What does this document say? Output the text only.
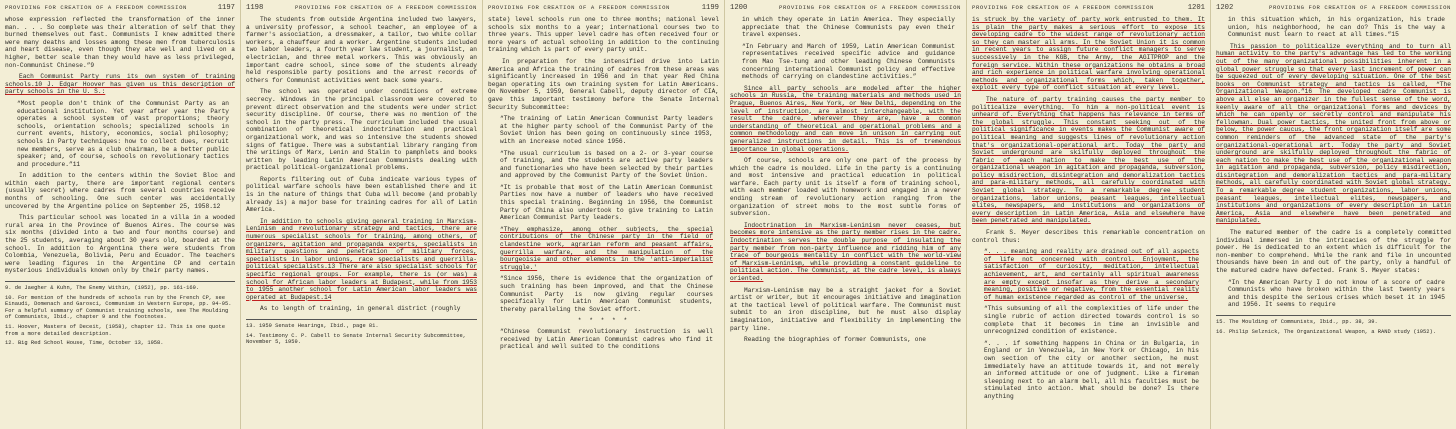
PROVIDING FOR CREATION OF A FREEDOM COMMISSION	1197

whose expression reflected the transformation of the inner man. . . . So complete was their alteration of self that they burned themselves out fast. Communists I knew admitted there were many deaths and losses among these men from tuberculosis and heart disease, even though they ate well and lived on a higher, better scale than they would have as less privileged, non-Communist Chinese.”9

Each Communist Party runs its own system of training schools.10 J. Edgar Hoover has given us this description of party schools in the U. S.:

“Most people don't think of the Communist Party as an educational institution. Yet year after year the Party operates a school system of vast proportions; theory schools, orientation schools; specialized schools in current events, history, economics, social philosophy; schools in Party techniques: how to collect dues, recruit new members, serve as a club chairman, be a better public speaker; and, of course, schools on revolutionary tactics and procedure.”11

In addition to the centers within the Soviet Bloc and within each party, there are important regional centers (usually secret) where cadres from several countries receive months of schooling. One such center was accidentally uncovered by the Argentine police on September 25, 1958.12

This particular school was located in a villa in a wooded rural area in the Province of Buenos Aires. The course was six months (divided into a two and four months course) and the 25 students, averaging about 30 years old, boarded at the school. In addition to Argentina there were students from Colombia, Venezuela, Bolivia, Peru and Ecuador. The teachers were leading figures in the Argentine CP and certain mysterious individuals known only by their party names.

9. de Jaegher & Kuhn, The Enemy Within, (1952), pp. 161-169.
10. For mention of the hundreds of schools run by the French CP, see Einaudi, Domenach and Garosci, Communism in Western Europe, pp. 94-95. For a helpful summary of Communist training schools, see The Moulding of Communists, Ibid., chapter 9 and the footnotes.
11. Hoover, Masters of Deceit, (1958), chapter 12. This is one quote from a more detailed description.
12. Big Red School House, Time, October 13, 1958.
1198	PROVIDING FOR CREATION OF A FREEDOM COMMISSION

The students from outside Argentina included two lawyers, a university professor, a school teacher, an employee of a farmer's association, a dressmaker, a tailor, two white collar workers, a chauffeur and a worker. Argentine students included two labor leaders, a fourth year law student, a journalist, an electrician, and three metal workers. This was obviously an important cadre school, since some of the students already held responsible party positions and the arrest records of others for Communist activities went back some years.

The school was operated under conditions of extreme secrecy. Windows in the principal classroom were covered to prevent direct observation and the students were under strict security discipline. Of course, there was no mention of the school in the party press. The curriculum included the usual combination of theoretical indoctrination and practical organizational work, and was so intensive the students showed signs of fatigue. There was a substantial library ranging from the writings of Marx, Lenin and Stalin to pamphlets and books written by leading Latin American Communists dealing with practical political-organizational problems.

Reports filtering out of Cuba indicate various types of political warfare schools have been established there and it is in the nature of things that Cuba will become (and probably already is) a major base for training cadres for all of Latin America.

In addition to schools giving general training in Marxism-Leninism and revolutionary strategy and tactics, there are numerous specialist schools for training, among others, of organizers, agitation and propaganda experts, specialists in military questions and penetration of military forces, specialists in labor unions, race specialists and guerrilla-political specialists.13 There are also specialist schools for specific regional groups. For example, there is (or was) a school for African labor leaders at Budapest, while from 1953 to 1955 another school for Latin American labor leaders was operated at Budapest.14

As to length of training, in general district (roughly

13. 1959 Senate Hearings, Ibid., page 81.
14. Testimony C. P. Cabell to Senate Internal Security Subcommittee, November 5, 1959.
PROVIDING FOR CREATION OF A FREEDOM COMMISSION	1199

state) level schools run one to three months; national level schools six months to a year; international courses two to three years. This upper level cadre has often received four or more years of actual schooling in addition to the continuing training which is part of every party unit.

In preparation for the intensified drive into Latin America and Africa the training of cadres from these areas was significantly increased in 1956 and in that year Red China began operating its own training system for Latin Americans. On November 5, 1959, General Cabell, deputy director of CIA, gave this important testimony before the Senate Internal Security Subcommittee:

“The training of Latin American Communist Party leaders at the higher party school of the Communist Party of the Soviet Union has been going on continuously since 1953, with an increase noted since 1956.

“The usual curriculum is based on a 2- or 3-year course of training, and the students are active party leaders and functionaries who have been selected by their parties and approved by the Communist Party of the Soviet Union.

“It is probable that most of the Latin American Communist Parties now have a number of leaders who have received this special training. Beginning in 1956, the Communist Party of China also undertook to give training to Latin American Communist Party leaders.

“They emphasize, among other subjects, the special contributions of the Chinese party in the field of clandestine work, agrarian reform and peasant affairs, guerrilla warfare, and the manipulation of the bourgeoisie and other elements in the 'anti-imperialist struggle.'

“Since 1956, there is evidence that the organization of such training has been improved, and that the Chinese Communist Party is now giving regular courses specifically for Latin American Communist students, thereby paralleling the Soviet effort.

* * * * *

“Chinese Communist revolutionary instruction is well received by Latin American Communist cadres who find it practical and well suited to the conditions

1200	PROVIDING FOR CREATION OF A FREEDOM COMMISSION

in which they operate in Latin America. They especially appreciate that the Chinese Communists pay even their travel expenses.

“In February and March of 1959, Latin American Communist representatives received specific advice and guidance from Mao Tse-tung and other leading Chinese Communists concerning international Communist policy and effective methods of carrying on clandestine activities.”

Since all party schools are modeled after the higher schools in Russia, the training materials and methods used in Prague, Buenos Aires, New York, or New Delhi, depending on the level of instruction, are almost interchangeable, with the result the cadre, wherever they are, have a common understanding of theoretical and operational problems and a common methodology and can move in unison in carrying out generalized instructions in detail. This is of tremendous importance in global operations.

Of course, schools are only one part of the process by which the cadre is moulded. Life in the party is a continuing and most intensive and practical education in political warfare. Each party unit is itself a form of training school, with each member loaded with homework and engaged in a never ending stream of revolutionary action ranging from the organization of street mobs to the most subtle forms of subversion.

Indoctrination in Marxism-Leninism never ceases, but becomes more intensive as the party member rises in the cadre. Indoctrination serves the double purpose of insulating the party member from non-party influence and ridding him of any trace of bourgeois mentality in conflict with the world-view of Marxism-Leninism, while providing a constant guideline to political action. The Communist, at the cadre level, is always oriented.

Marxism-Leninism may be a straight jacket for a Soviet artist or writer, but it encourages initiative and imagination at the tactical level of political warfare. The Communist must submit to an iron discipline, but he must also display imagination, initiative and flexibility in implementing the party line.

Reading the biographies of former Communists, one

PROVIDING FOR CREATION OF A FREEDOM COMMISSION	1201

is struck by the variety of party work entrusted to them. It is plain the party makes a serious effort to expose its developing cadre to the widest range of revolutionary action so they can master all arms. In the Soviet Union it is common in recent years to assign future conflict managers to serve successively in the KGB, the Army, the AGITPROP and the foreign service. Within these organizations he obtains a broad and rich experience in political warfare involving operational methods and organizational forms which, taken together, exploit every type of conflict situation at every level.

The nature of party training causes the party member to politicalize everything. To him a non-political event is unheard of. Everything that happens has relevance in terms of the global struggle. This constant seeking out of the political significance in events makes the Communist aware of political meaning and suggests lines of revolutionary action that's organizational-operational art. Today the party and Soviet underground are skilfully deployed throughout the fabric of each nation to make the best use of the organizational weapon in agitation and propaganda, subversion, policy misdirection, disintegration and demoralization tactics and para-military methods, all carefully coordinated with Soviet global strategy. To a remarkable degree student organizations, labor unions, peasant leagues, intellectual elites, newspapers, and institutions and organizations of every description in Latin America, Asia and elsewhere have been penetrated and manipulated.

Frank S. Meyer describes this remarkable concentration on control thus:

“. . . meaning and reality are drained out of all aspects of life not concerned with control. Enjoyment, the satisfaction of curiosity, meditation, intellectual achievement, art, and certainly all spiritual awareness are empty except insofar as they derive a secondary meaning, positive or negative, from the essential reality of human existence regarded as control of the universe.

“This subsuming of all the complexities of life under the single rubric of action directed towards control is so complete that it becomes in time an invisible and unrecognized condition of existence.

“. . . if something happens in China or in Bulgaria, in England or in Venezuela, in New York or Chicago, in his own section of the city or another section, he must immediately have an attitude towards it, and not merely an informed attitude or one of judgment. Like a fireman sleeping next to an alarm bell, all his faculties must be stimulated into action. What should be done? Is there anything

1202	PROVIDING FOR CREATION OF A FREEDOM COMMISSION

in this situation which, in his organization, his trade union, his neighborhood, he can do? This is the way a Communist must learn to react at all times.”15

This passion to politicalize everything and to turn all human activity to the party's advantage has led to the working out of the many organizational possibilities inherent in a global power struggle so that every last increment of power can be squeezed out of every developing situation. One of the best books on Communist strategy and tactics is called, “The Organizational Weapon.”16 The developed cadre Communist is above all else an organizer in the fullest sense of the word, keenly aware of all the organizational forms and devices by which he can openly or secretly control and manipulate his fellowman. Dual power tactics, the united front from above or below, the power caucus, the front organization itself are some common reminders of the advanced state of the party's organizational-operational art. Today the party and Soviet underground are skilfully deployed throughout the fabric of each nation to make the best use of the organizational weapon in agitation and propaganda, subversion, policy misdirection, disintegration and demoralization tactics and para-military methods, all carefully coordinated with Soviet global strategy. To a remarkable degree student organizations, labor unions, peasant leagues, intellectual elites, newspapers, and institutions and organizations of every description in Latin America, Asia and elsewhere have been penetrated and manipulated.

The matured member of the cadre is a completely committed individual immersed in the intricacies of the struggle for power. He is dedicated to an extent which is difficult for the non-member to comprehend. While the rank and file in uncounted thousands have been in and out of the party, only a handful of the matured cadre have defected. Frank S. Meyer states:

“In the American Party I do not know of a score of cadre Communists who have broken within the last twenty years and this despite the serious crises which beset it in 1945 and 1956. It seems to require

15. The Moulding of Communists, Ibid., pp. 38, 39.
16. Philip Selznick, The Organizational Weapon, a RAND study (1952).
